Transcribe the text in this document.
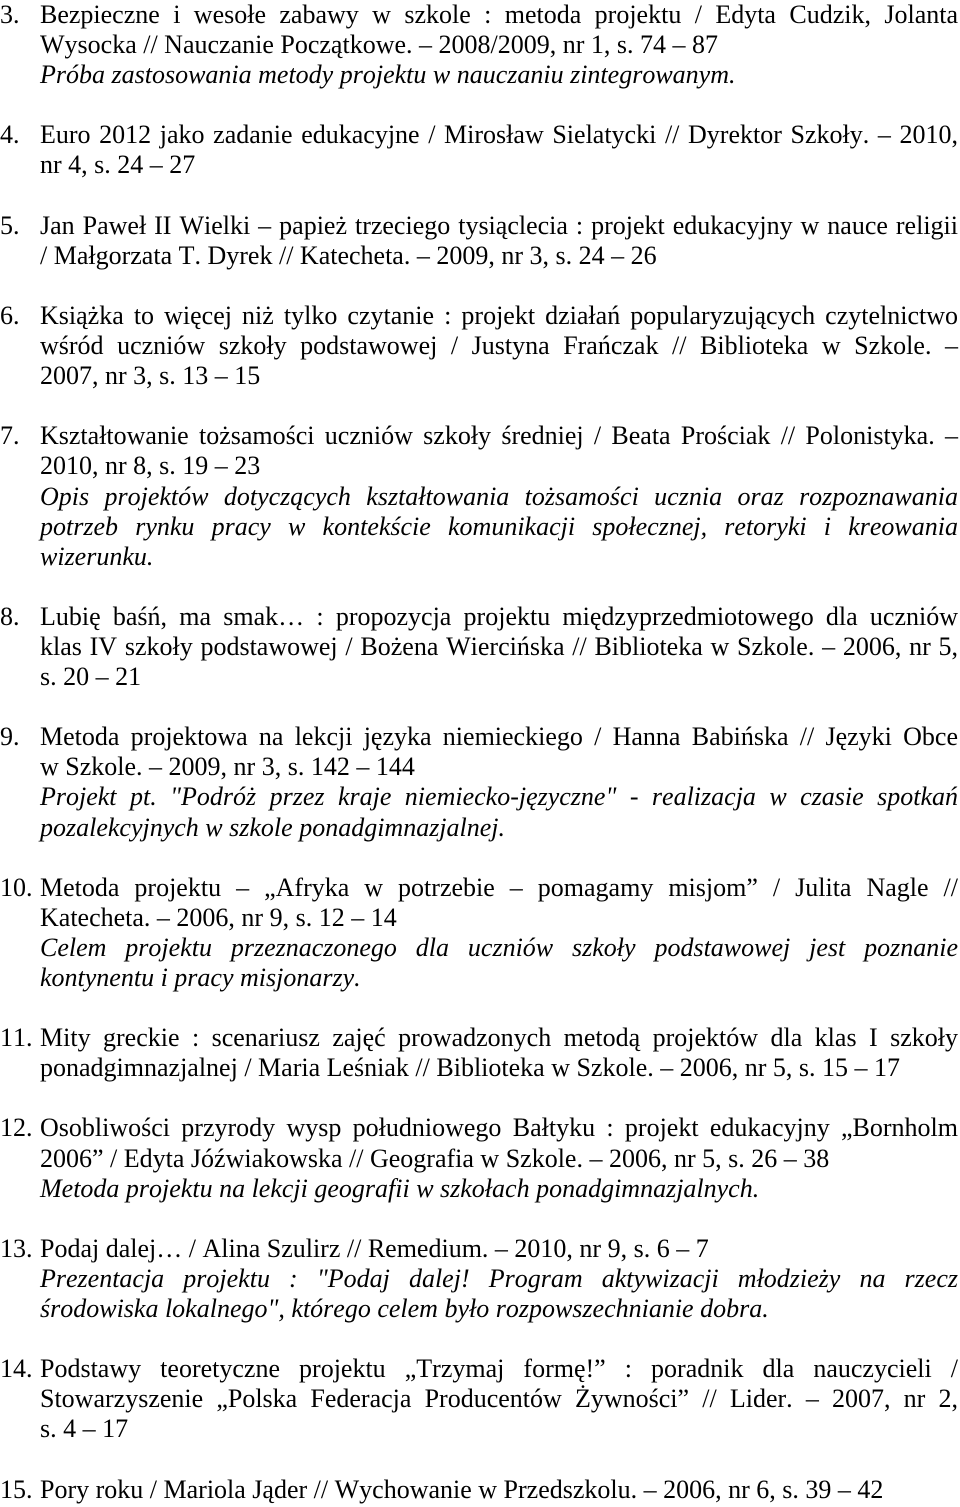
3. Bezpieczne i wesołe zabawy w szkole : metoda projektu / Edyta Cudzik, Jolanta
Wysocka // Nauczanie Początkowe. – 2008/2009, nr 1, s. 74 – 87
Próba zastosowania metody projektu w nauczaniu zintegrowanym.
4. Euro 2012 jako zadanie edukacyjne / Mirosław Sielatycki // Dyrektor Szkoły. – 2010,
nr 4, s. 24 – 27
5. Jan Paweł II Wielki – papież trzeciego tysiąclecia : projekt edukacyjny w nauce religii
/ Małgorzata T. Dyrek // Katecheta. – 2009, nr 3, s. 24 – 26
6. Książka to więcej niż tylko czytanie : projekt działań popularyzujących czytelnictwo
wśród uczniów szkoły podstawowej / Justyna Frańczak // Biblioteka w Szkole. –
2007, nr 3, s. 13 – 15
7. Kształtowanie tożsamości uczniów szkoły średniej / Beata Prościak // Polonistyka. –
2010, nr 8, s. 19 – 23
Opis projektów dotyczących kształtowania tożsamości ucznia oraz rozpoznawania
potrzeb rynku pracy w kontekście komunikacji społecznej, retoryki i kreowania
wizerunku.
8. Lubię baśń, ma smak… : propozycja projektu międzyprzedmiotowego dla uczniów
klas IV szkoły podstawowej / Bożena Wiercińska // Biblioteka w Szkole. – 2006, nr 5,
s. 20 – 21
9. Metoda projektowa na lekcji języka niemieckiego / Hanna Babińska // Języki Obce
w Szkole. – 2009, nr 3, s. 142 – 144
Projekt pt. "Podróż przez kraje niemiecko-języczne" - realizacja w czasie spotkań
pozalekcyjnych w szkole ponadgimnazjalnej.
10. Metoda projektu – „Afryka w potrzebie – pomagamy misjom” / Julita Nagle //
Katecheta. – 2006, nr 9, s. 12 – 14
Celem projektu przeznaczonego dla uczniów szkoły podstawowej jest poznanie
kontynentu i pracy misjonarzy.
11. Mity greckie : scenariusz zajęć prowadzonych metodą projektów dla klas I szkoły
ponadgimnazjalnej / Maria Leśniak // Biblioteka w Szkole. – 2006, nr 5, s. 15 – 17
12. Osobliwości przyrody wysp południowego Bałtyku : projekt edukacyjny „Bornholm
2006” / Edyta Jóźwiakowska // Geografia w Szkole. – 2006, nr 5, s. 26 – 38
Metoda projektu na lekcji geografii w szkołach ponadgimnazjalnych.
13. Podaj dalej… / Alina Szulirz // Remedium. – 2010, nr 9, s. 6 – 7
Prezentacja projektu : "Podaj dalej! Program aktywizacji młodzieży na rzecz
środowiska lokalnego", którego celem było rozpowszechnianie dobra.
14. Podstawy teoretyczne projektu „Trzymaj formę!” : poradnik dla nauczycieli /
Stowarzyszenie „Polska Federacja Producentów Żywności” // Lider. – 2007, nr 2,
s. 4 – 17
15. Pory roku / Mariola Jąder // Wychowanie w Przedszkolu. – 2006, nr 6, s. 39 – 42
